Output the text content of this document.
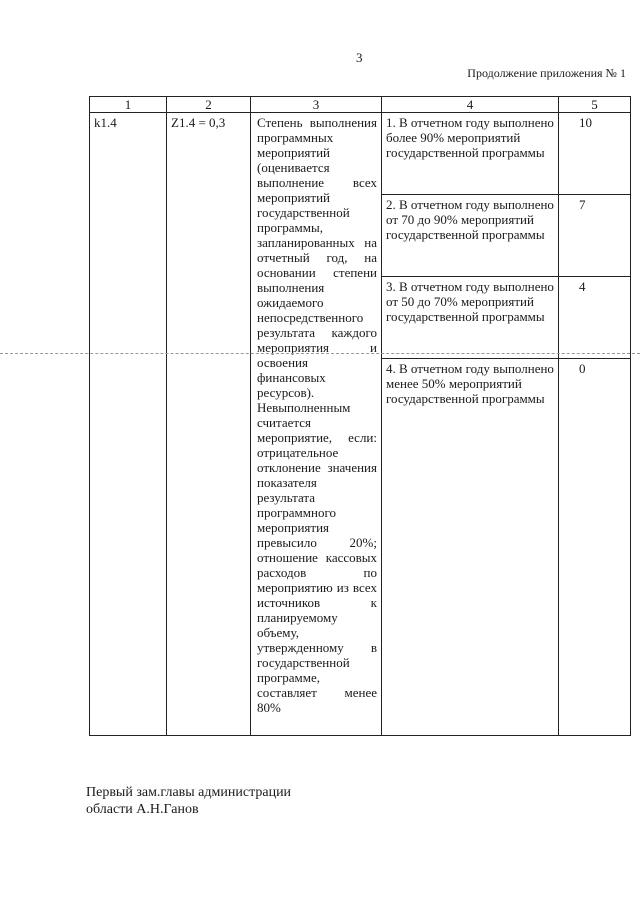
3
Продолжение приложения № 1
1	2	3	4	5
k1.4	Z1.4 = 0,3	Степень выполнения программных мероприятий (оценивается выполнение всех мероприятий государственной программы, запланированных на отчетный год, на основании степени выполнения ожидаемого непосредственного результата каждого мероприятия и освоения финансовых ресурсов). Невыполненным считается мероприятие, если: отрицательное отклонение значения показателя результата программного мероприятия превысило 20%; отношение кассовых расходов по мероприятию из всех источников к планируемому объему, утвержденному в государственной программе, составляет менее 80%	1. В отчетном году выполнено более 90% мероприятий государственной программы	10
			2. В отчетном году выполнено от 70 до 90% мероприятий государственной программы	7
			3. В отчетном году выполнено от 50 до 70% мероприятий государственной программы	4
			4. В отчетном году выполнено менее 50% мероприятий государственной программы	0
Первый зам.главы администрации
области А.Н.Ганов
